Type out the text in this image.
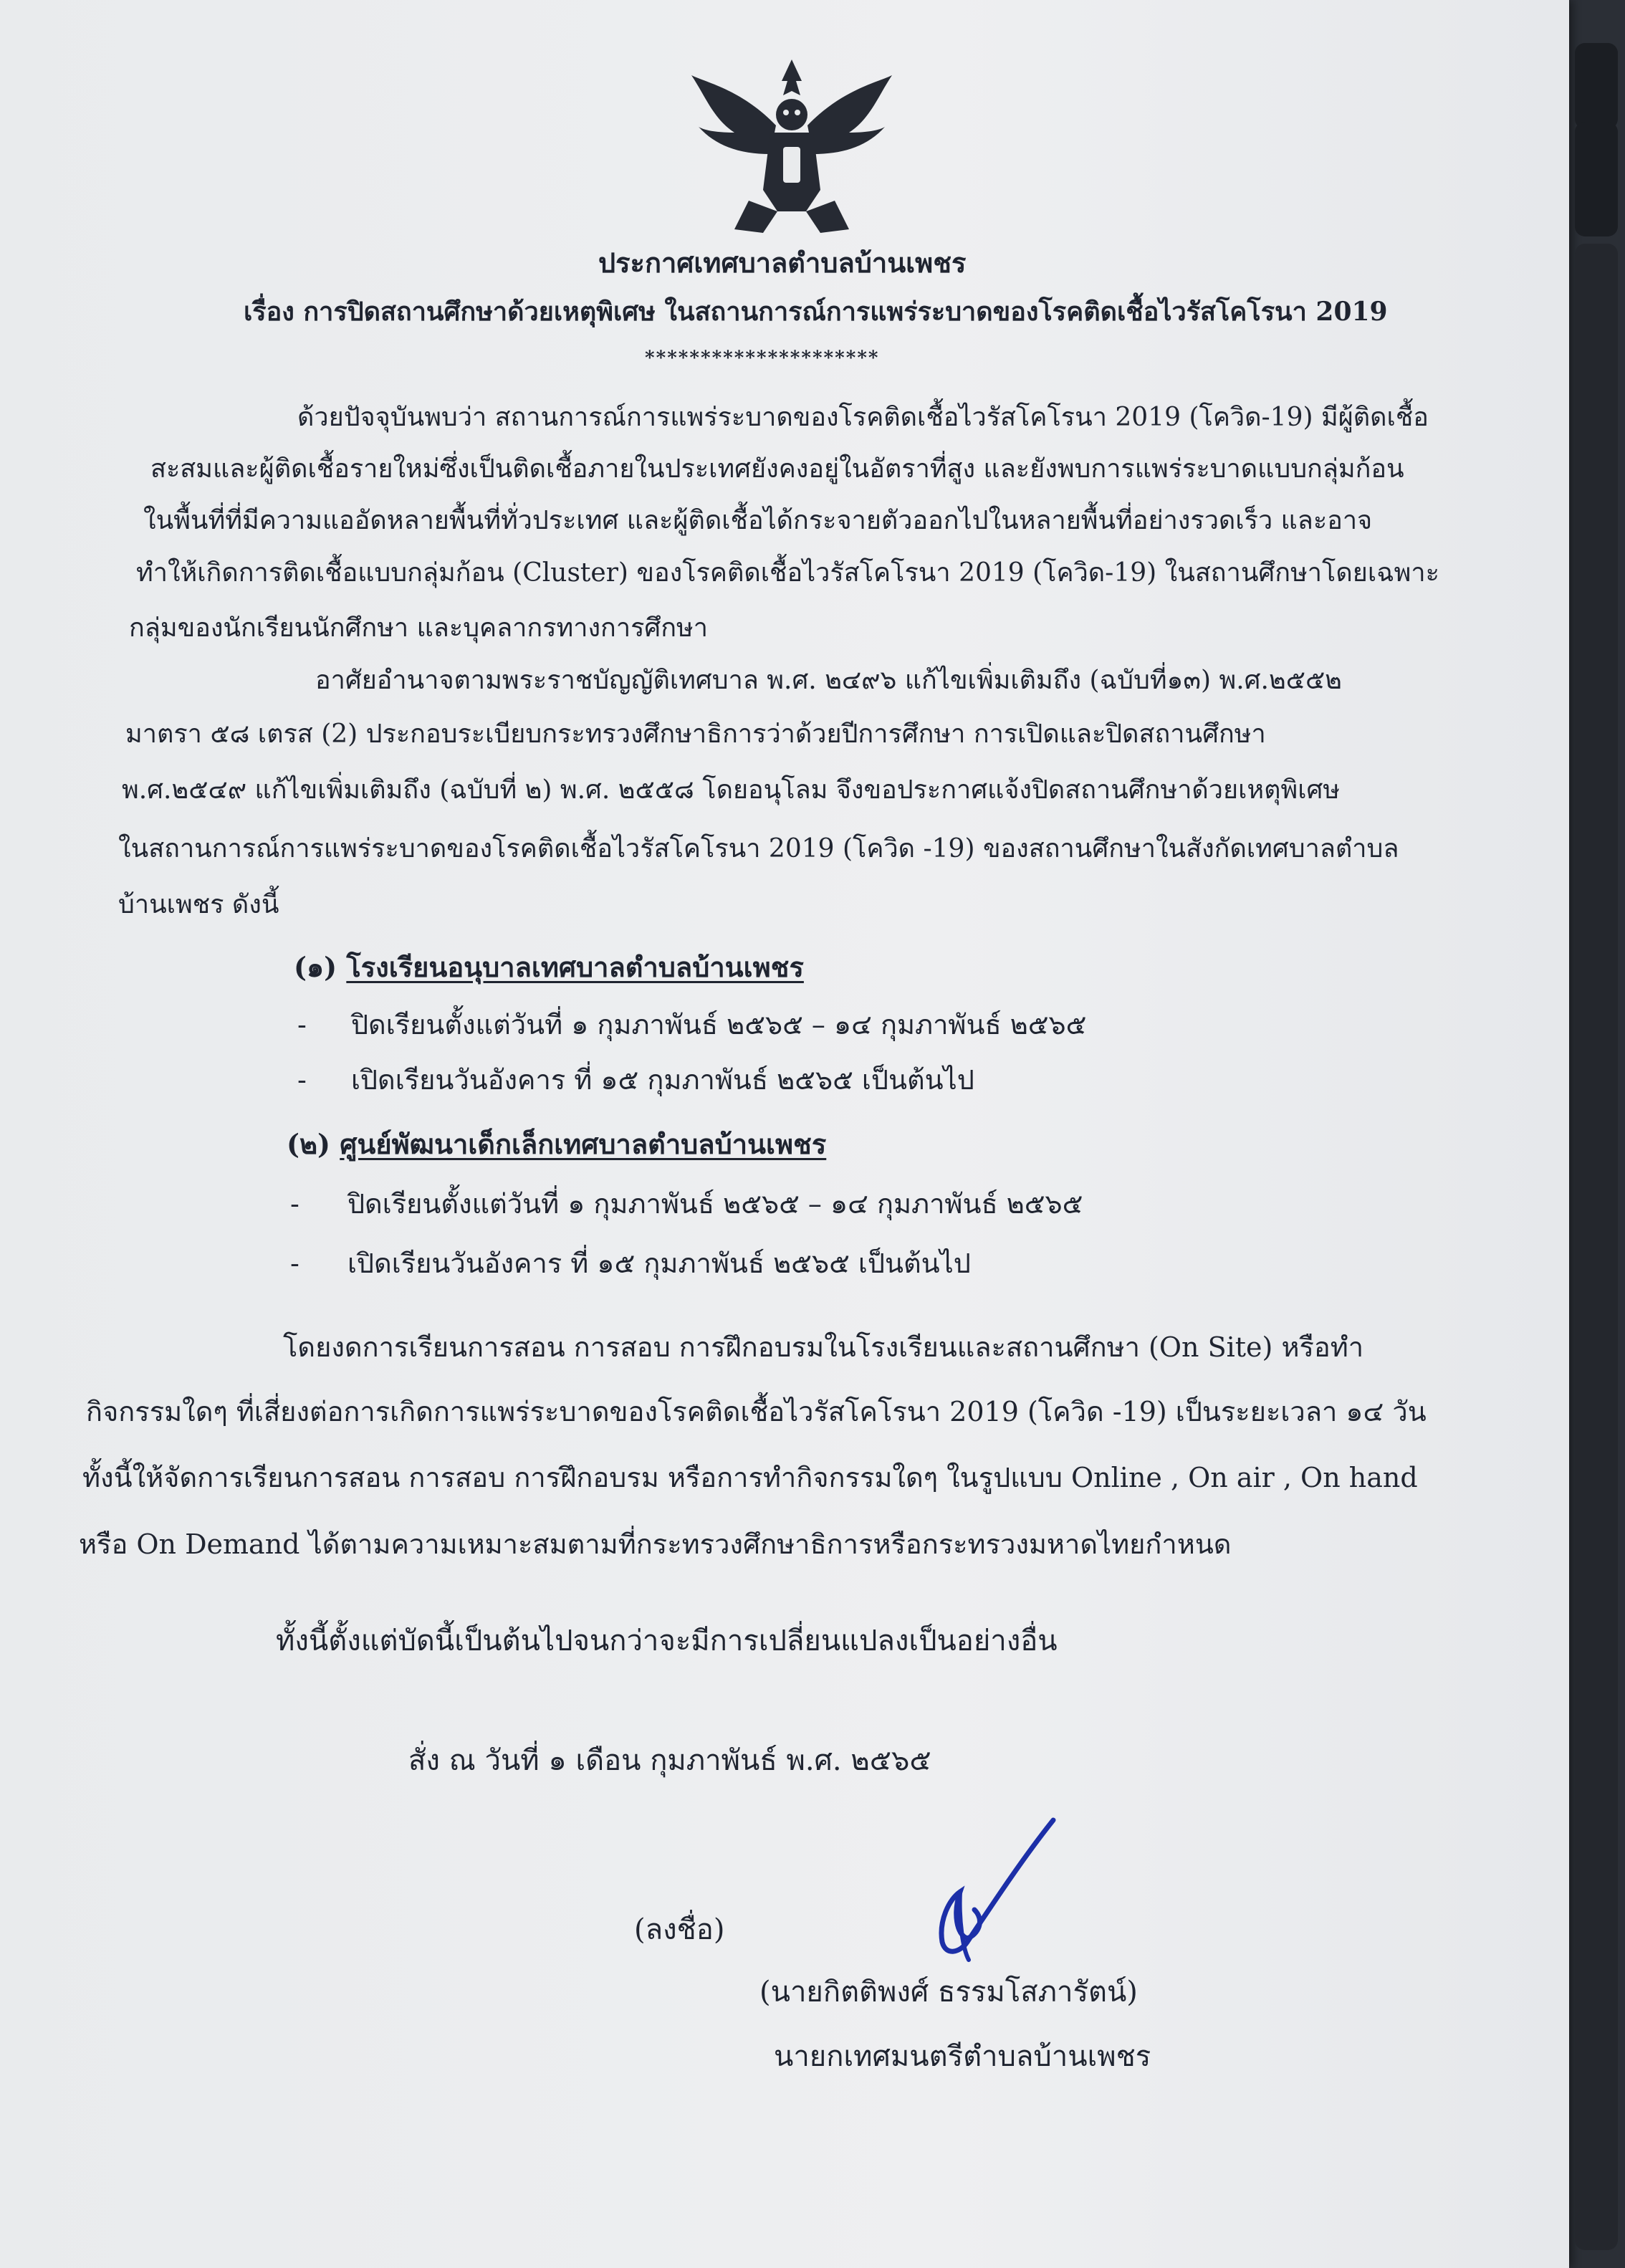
ประกาศเทศบาลตำบลบ้านเพชร
เรื่อง การปิดสถานศึกษาด้วยเหตุพิเศษ ในสถานการณ์การแพร่ระบาดของโรคติดเชื้อไวรัสโคโรนา 2019
*********************
ด้วยปัจจุบันพบว่า สถานการณ์การแพร่ระบาดของโรคติดเชื้อไวรัสโคโรนา 2019 (โควิด-19) มีผู้ติดเชื้อ
สะสมและผู้ติดเชื้อรายใหม่ซึ่งเป็นติดเชื้อภายในประเทศยังคงอยู่ในอัตราที่สูง และยังพบการแพร่ระบาดแบบกลุ่มก้อน
ในพื้นที่ที่มีความแออัดหลายพื้นที่ทั่วประเทศ และผู้ติดเชื้อได้กระจายตัวออกไปในหลายพื้นที่อย่างรวดเร็ว และอาจ
ทำให้เกิดการติดเชื้อแบบกลุ่มก้อน (Cluster) ของโรคติดเชื้อไวรัสโคโรนา 2019 (โควิด-19) ในสถานศึกษาโดยเฉพาะ
กลุ่มของนักเรียนนักศึกษา และบุคลากรทางการศึกษา
อาศัยอำนาจตามพระราชบัญญัติเทศบาล พ.ศ. ๒๔๙๖ แก้ไขเพิ่มเติมถึง (ฉบับที่๑๓) พ.ศ.๒๕๕๒
มาตรา ๕๘ เตรส (2) ประกอบระเบียบกระทรวงศึกษาธิการว่าด้วยปีการศึกษา การเปิดและปิดสถานศึกษา
พ.ศ.๒๕๔๙ แก้ไขเพิ่มเติมถึง (ฉบับที่ ๒) พ.ศ. ๒๕๕๘ โดยอนุโลม จึงขอประกาศแจ้งปิดสถานศึกษาด้วยเหตุพิเศษ
ในสถานการณ์การแพร่ระบาดของโรคติดเชื้อไวรัสโคโรนา 2019 (โควิด -19) ของสถานศึกษาในสังกัดเทศบาลตำบล
บ้านเพชร ดังนี้
(๑) โรงเรียนอนุบาลเทศบาลตำบลบ้านเพชร
- ปิดเรียนตั้งแต่วันที่ ๑ กุมภาพันธ์ ๒๕๖๕ – ๑๔ กุมภาพันธ์ ๒๕๖๕
- เปิดเรียนวันอังคาร ที่ ๑๕ กุมภาพันธ์ ๒๕๖๕ เป็นต้นไป
(๒) ศูนย์พัฒนาเด็กเล็กเทศบาลตำบลบ้านเพชร
- ปิดเรียนตั้งแต่วันที่ ๑ กุมภาพันธ์ ๒๕๖๕ – ๑๔ กุมภาพันธ์ ๒๕๖๕
- เปิดเรียนวันอังคาร ที่ ๑๕ กุมภาพันธ์ ๒๕๖๕ เป็นต้นไป
โดยงดการเรียนการสอน การสอบ การฝึกอบรมในโรงเรียนและสถานศึกษา (On Site) หรือทำ
กิจกรรมใดๆ ที่เสี่ยงต่อการเกิดการแพร่ระบาดของโรคติดเชื้อไวรัสโคโรนา 2019 (โควิด -19) เป็นระยะเวลา ๑๔ วัน
ทั้งนี้ให้จัดการเรียนการสอน การสอบ การฝึกอบรม หรือการทำกิจกรรมใดๆ ในรูปแบบ Online , On air , On hand
หรือ On Demand ได้ตามความเหมาะสมตามที่กระทรวงศึกษาธิการหรือกระทรวงมหาดไทยกำหนด
ทั้งนี้ตั้งแต่บัดนี้เป็นต้นไปจนกว่าจะมีการเปลี่ยนแปลงเป็นอย่างอื่น
สั่ง ณ วันที่ ๑ เดือน กุมภาพันธ์ พ.ศ. ๒๕๖๕
(ลงชื่อ)
(นายกิตติพงศ์ ธรรมโสภารัตน์)
นายกเทศมนตรีตำบลบ้านเพชร
